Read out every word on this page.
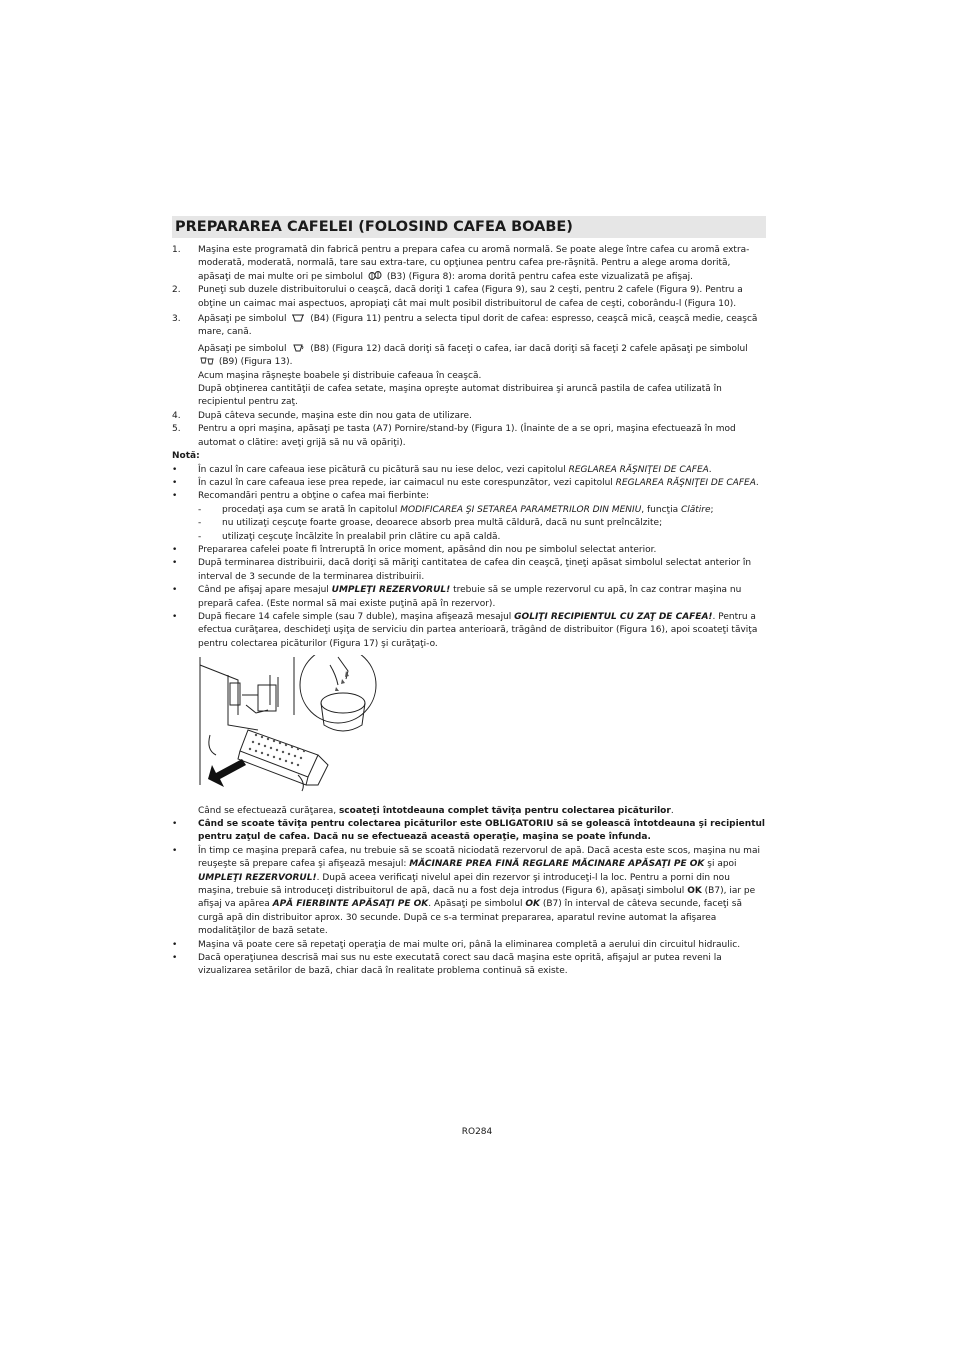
PREPARAREA CAFELEI (FOLOSIND CAFEA BOABE)
1. Maşina este programată din fabrică pentru a prepara cafea cu aromă normală. Se poate alege între cafea cu aromă extra-moderată, moderată, normală, tare sau extra-tare, cu opţiunea pentru cafea pre-răşnită. Pentru a alege aroma dorită, apăsaţi de mai multe ori pe simbolul	(B3) (Figura 8): aroma dorită pentru cafea este vizualizată pe afişaj.
2. Puneţi sub duzele distribuitorului o ceaşcă, dacă doriţi 1 cafea (Figura 9), sau 2 ceşti, pentru 2 cafele (Figura 9). Pentru a obţine un caimac mai aspectuos, apropiaţi cât mai mult posibil distribuitorul de cafea de ceşti, coborându-l (Figura 10).
3. Apăsaţi pe simbolul	(B4) (Figura 11) pentru a selecta tipul dorit de cafea: espresso, ceaşcă mică, ceaşcă medie, ceaşcă mare, cană.
Apăsaţi pe simbolul	(B8) (Figura 12) dacă doriţi să faceţi o cafea, iar dacă doriţi să faceţi 2 cafele apăsaţi pe simbolul  (B9) (Figura 13).
Acum maşina răşneşte boabele şi distribuie cafeaua în ceaşcă.
După obţinerea cantităţii de cafea setate, maşina opreşte automat distribuirea şi aruncă pastila de cafea utilizată în recipientul pentru zaţ.
4. După câteva secunde, maşina este din nou gata de utilizare.
5. Pentru a opri maşina, apăsaţi pe tasta (A7) Pornire/stand-by (Figura 1). (Înainte de a se opri, maşina efectuează în mod automat o clătire: aveţi grijă să nu vă opăriţi).
Notă:
• În cazul în care cafeaua iese picătură cu picătură sau nu iese deloc, vezi capitolul REGLAREA RĂŞNIŢEI DE CAFEA.
• În cazul în care cafeaua iese prea repede, iar caimacul nu este corespunzător, vezi capitolul REGLAREA RĂŞNIŢEI DE CAFEA.
• Recomandări pentru a obţine o cafea mai fierbinte:
- procedaţi aşa cum se arată în capitolul MODIFICAREA ŞI SETAREA PARAMETRILOR DIN MENIU, funcţia Clătire;
- nu utilizaţi ceşcuţe foarte groase, deoarece absorb prea multă căldură, dacă nu sunt preîncălzite;
- utilizaţi ceşcuţe încălzite în prealabil prin clătire cu apă caldă.
• Prepararea cafelei poate fi întreruptă în orice moment, apăsând din nou pe simbolul selectat anterior.
• După terminarea distribuirii, dacă doriţi să măriţi cantitatea de cafea din ceaşcă, ţineţi apăsat simbolul selectat anterior în interval de 3 secunde de la terminarea distribuirii.
• Când pe afişaj apare mesajul UMPLEŢI REZERVORUL! trebuie să se umple rezervorul cu apă, în caz contrar maşina nu prepară cafea. (Este normal să mai existe puţină apă în rezervor).
• După fiecare 14 cafele simple (sau 7 duble), maşina afişează mesajul GOLIŢI RECIPIENTUL CU ZAŢ DE CAFEA!. Pentru a efectua curăţarea, deschideţi uşiţa de serviciu din partea anterioară, trăgând de distribuitor (Figura 16), apoi scoateţi tăviţa pentru colectarea picăturilor (Figura 17) şi curăţaţi-o.
Când se efectuează curăţarea, scoateţi întotdeauna complet tăviţa pentru colectarea picăturilor.
• Când se scoate tăviţa pentru colectarea picăturilor este OBLIGATORIU să se golească întotdeauna şi recipientul pentru zaţul de cafea. Dacă nu se efectuează această operaţie, maşina se poate înfunda.
• În timp ce maşina prepară cafea, nu trebuie să se scoată niciodată rezervorul de apă. Dacă acesta este scos, maşina nu mai reuşeşte să prepare cafea şi afişează mesajul: MĂCINARE PREA FINĂ REGLARE MĂCINARE APĂSAŢI PE OK şi apoi UMPLEŢI REZERVORUL!. După aceea verificaţi nivelul apei din rezervor şi introduceţi-l la loc. Pentru a porni din nou maşina, trebuie să introduceţi distribuitorul de apă, dacă nu a fost deja introdus (Figura 6), apăsaţi simbolul OK (B7), iar pe afişaj va apărea APĂ FIERBINTE APĂSAŢI PE OK. Apăsaţi pe simbolul OK (B7) în interval de câteva secunde, faceţi să curgă apă din distribuitor aprox. 30 secunde. După ce s-a terminat prepararea, aparatul revine automat la afişarea modalităţilor de bază setate.
• Maşina vă poate cere să repetaţi operaţia de mai multe ori, până la eliminarea completă a aerului din circuitul hidraulic.
• Dacă operaţiunea descrisă mai sus nu este executată corect sau dacă maşina este oprită, afişajul ar putea reveni la vizualizarea setărilor de bază, chiar dacă în realitate problema continuă să existe.
RO284
